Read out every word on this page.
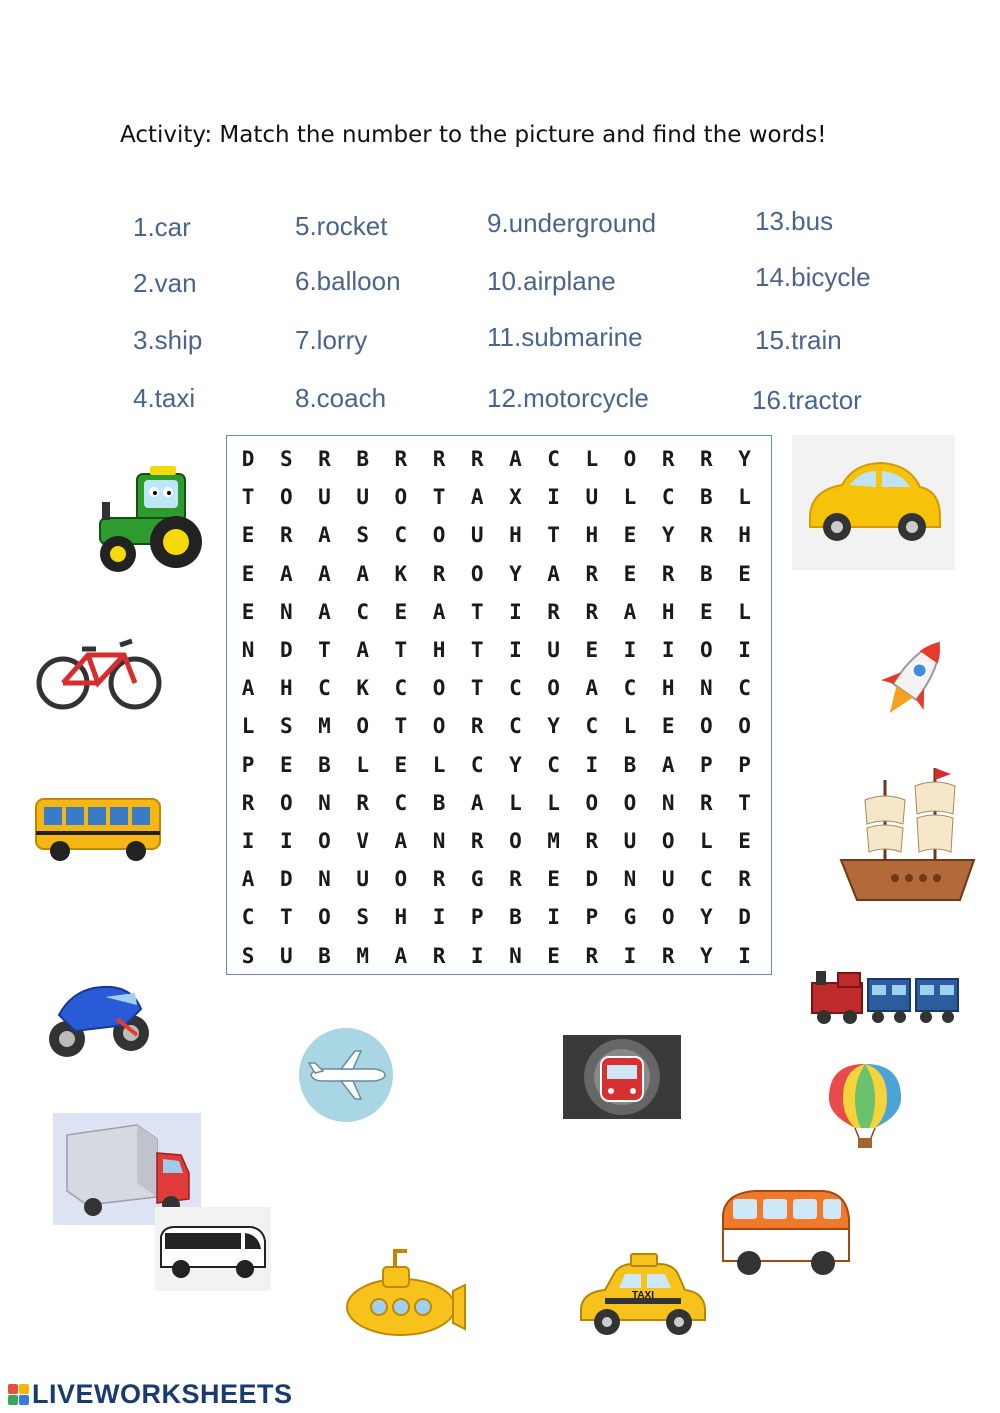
Activity: Match the number to the picture and find the words!
1.car
2.van
3.ship
4.taxi
5.rocket
6.balloon
7.lorry
8.coach
9.underground
10.airplane
11.submarine
12.motorcycle
13.bus
14.bicycle
15.train
16.tractor
D	S	R	B	R	R	R	A	C	L	O	R	R	Y
T	O	U	U	O	T	A	X	I	U	L	C	B	L
E	R	A	S	C	O	U	H	T	H	E	Y	R	H
E	A	A	A	K	R	O	Y	A	R	E	R	B	E
E	N	A	C	E	A	T	I	R	R	A	H	E	L
N	D	T	A	T	H	T	I	U	E	I	I	O	I
A	H	C	K	C	O	T	C	O	A	C	H	N	C
L	S	M	O	T	O	R	C	Y	C	L	E	O	O
P	E	B	L	E	L	C	Y	C	I	B	A	P	P
R	O	N	R	C	B	A	L	L	O	O	N	R	T
I	I	O	V	A	N	R	O	M	R	U	O	L	E
A	D	N	U	O	R	G	R	E	D	N	U	C	R
C	T	O	S	H	I	P	B	I	P	G	O	Y	D
S	U	B	M	A	R	I	N	E	R	I	R	Y	I
TAXI
LIVEWORKSHEETS
